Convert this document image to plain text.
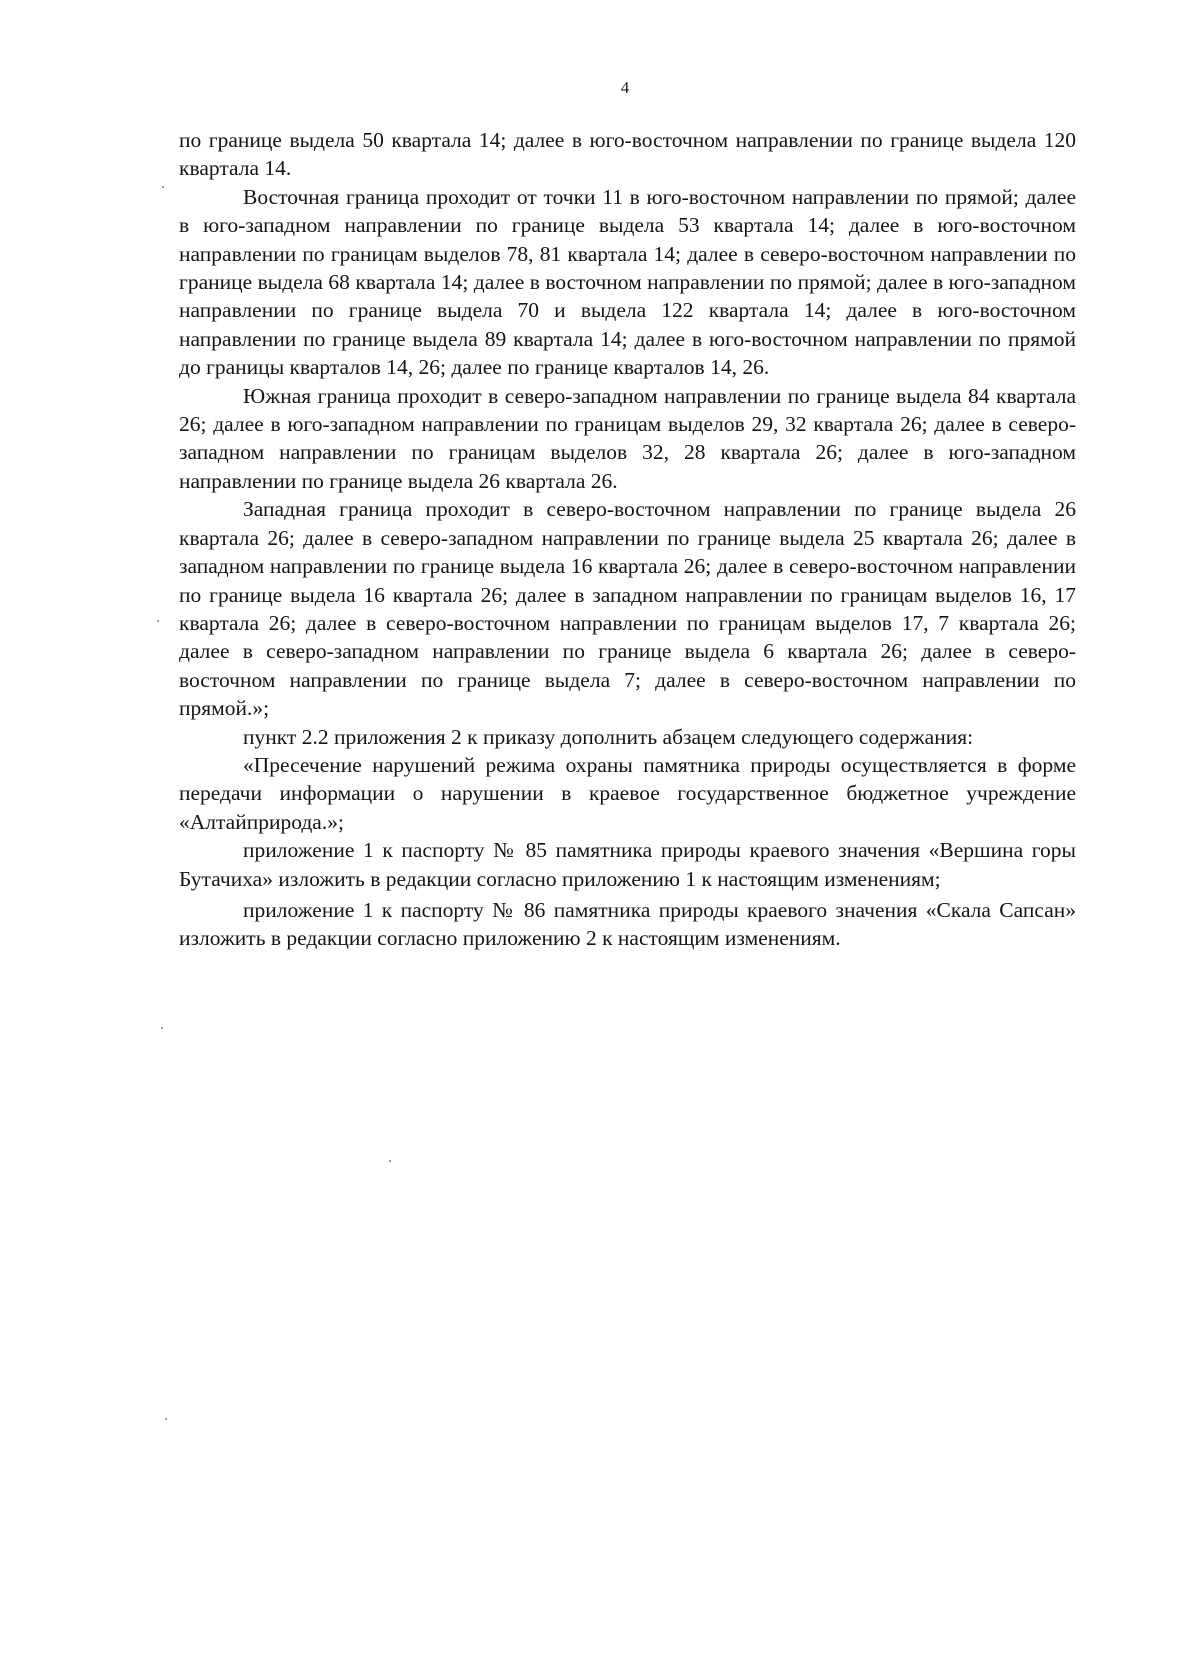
4

по границе выдела 50 квартала 14; далее в юго-восточном направлении по границе выдела 120 квартала 14.

Восточная граница проходит от точки 11 в юго-восточном направлении по прямой; далее в юго-западном направлении по границе выдела 53 квартала 14; далее в юго-восточном направлении по границам выделов 78, 81 квартала 14; далее в северо-восточном направлении по границе выдела 68 квартала 14; далее в восточном направлении по прямой; далее в юго-западном направлении по границе выдела 70 и выдела 122 квартала 14; далее в юго-восточном направлении по границе выдела 89 квартала 14; далее в юго-восточном направлении по прямой до границы кварталов 14, 26; далее по границе кварталов 14, 26.

Южная граница проходит в северо-западном направлении по границе выдела 84 квартала 26; далее в юго-западном направлении по границам выделов 29, 32 квартала 26; далее в северо-западном направлении по границам выделов 32, 28 квартала 26; далее в юго-западном направлении по границе выдела 26 квартала 26.

Западная граница проходит в северо-восточном направлении по границе выдела 26 квартала 26; далее в северо-западном направлении по границе выдела 25 квартала 26; далее в западном направлении по границе выдела 16 квартала 26; далее в северо-восточном направлении по границе выдела 16 квартала 26; далее в западном направлении по границам выделов 16, 17 квартала 26; далее в северо-восточном направлении по границам выделов 17, 7 квартала 26; далее в северо-западном направлении по границе выдела 6 квартала 26; далее в северо-восточном направлении по границе выдела 7; далее в северо-восточном направлении по прямой.»;

пункт 2.2 приложения 2 к приказу дополнить абзацем следующего содержания:

«Пресечение нарушений режима охраны памятника природы осуществляется в форме передачи информации о нарушении в краевое государственное бюджетное учреждение «Алтайприрода.»;

приложение 1 к паспорту № 85 памятника природы краевого значения «Вершина горы Бутачиха» изложить в редакции согласно приложению 1 к настоящим изменениям;

приложение 1 к паспорту № 86 памятника природы краевого значения «Скала Сапсан» изложить в редакции согласно приложению 2 к настоящим изменениям.
